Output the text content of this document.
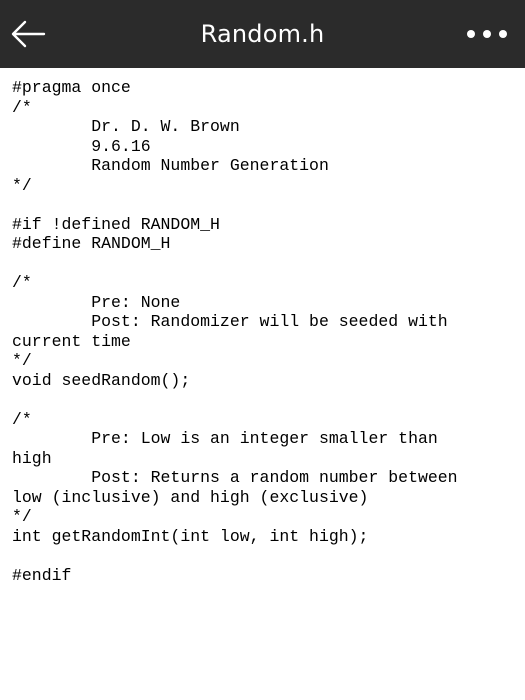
Random.h
#pragma once
/*
Dr. D. W. Brown
9.6.16
Random Number Generation
*/

#if !defined RANDOM_H
#define RANDOM_H

/*
Pre: None
Post: Randomizer will be seeded with
current time
*/
void seedRandom();

/*
Pre: Low is an integer smaller than
high
Post: Returns a random number between
low (inclusive) and high (exclusive)
*/
int getRandomInt(int low, int high);

#endif
